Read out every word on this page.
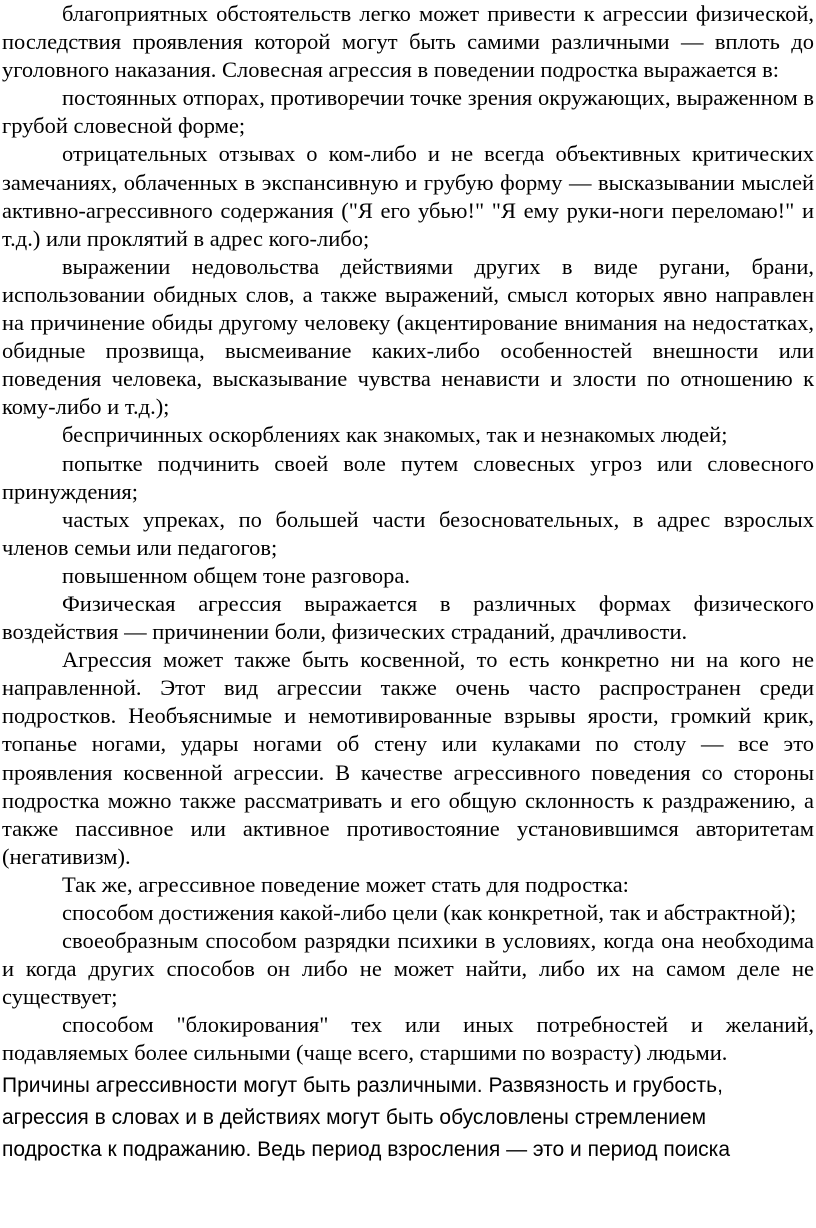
благоприятных обстоятельств легко может привести к агрессии физической, последствия проявления которой могут быть самими различными — вплоть до уголовного наказания. Словесная агрессия в поведении подростка выражается в:

постоянных отпорах, противоречии точке зрения окружающих, выраженном в грубой словесной форме;

отрицательных отзывах о ком-либо и не всегда объективных критических замечаниях, облаченных в экспансивную и грубую форму — высказывании мыслей активно-агрессивного содержания ("Я его убью!" "Я ему руки-ноги переломаю!" и т.д.) или проклятий в адрес кого-либо;

выражении недовольства действиями других в виде ругани, брани, использовании обидных слов, а также выражений, смысл которых явно направлен на причинение обиды другому человеку (акцентирование внимания на недостатках, обидные прозвища, высмеивание каких-либо особенностей внешности или поведения человека, высказывание чувства ненависти и злости по отношению к кому-либо и т.д.);

беспричинных оскорблениях как знакомых, так и незнакомых людей;

попытке подчинить своей воле путем словесных угроз или словесного принуждения;

частых упреках, по большей части безосновательных, в адрес взрослых членов семьи или педагогов;

повышенном общем тоне разговора.

Физическая агрессия выражается в различных формах физического воздействия — причинении боли, физических страданий, драчливости.

Агрессия может также быть косвенной, то есть конкретно ни на кого не направленной. Этот вид агрессии также очень часто распространен среди подростков. Необъяснимые и немотивированные взрывы ярости, громкий крик, топанье ногами, удары ногами об стену или кулаками по столу — все это проявления косвенной агрессии. В качестве агрессивного поведения со стороны подростка можно также рассматривать и его общую склонность к раздражению, а также пассивное или активное противостояние установившимся авторитетам (негативизм).

Так же, агрессивное поведение может стать для подростка:

способом достижения какой-либо цели (как конкретной, так и абстрактной);

своеобразным способом разрядки психики в условиях, когда она необходима и когда других способов он либо не может найти, либо их на самом деле не существует;

способом "блокирования" тех или иных потребностей и желаний, подавляемых более сильными (чаще всего, старшими по возрасту) людьми.

Причины агрессивности могут быть различными. Развязность и грубость,

агрессия в словах и в действиях могут быть обусловлены стремлением

подростка к подражанию. Ведь период взросления — это и период поиска
